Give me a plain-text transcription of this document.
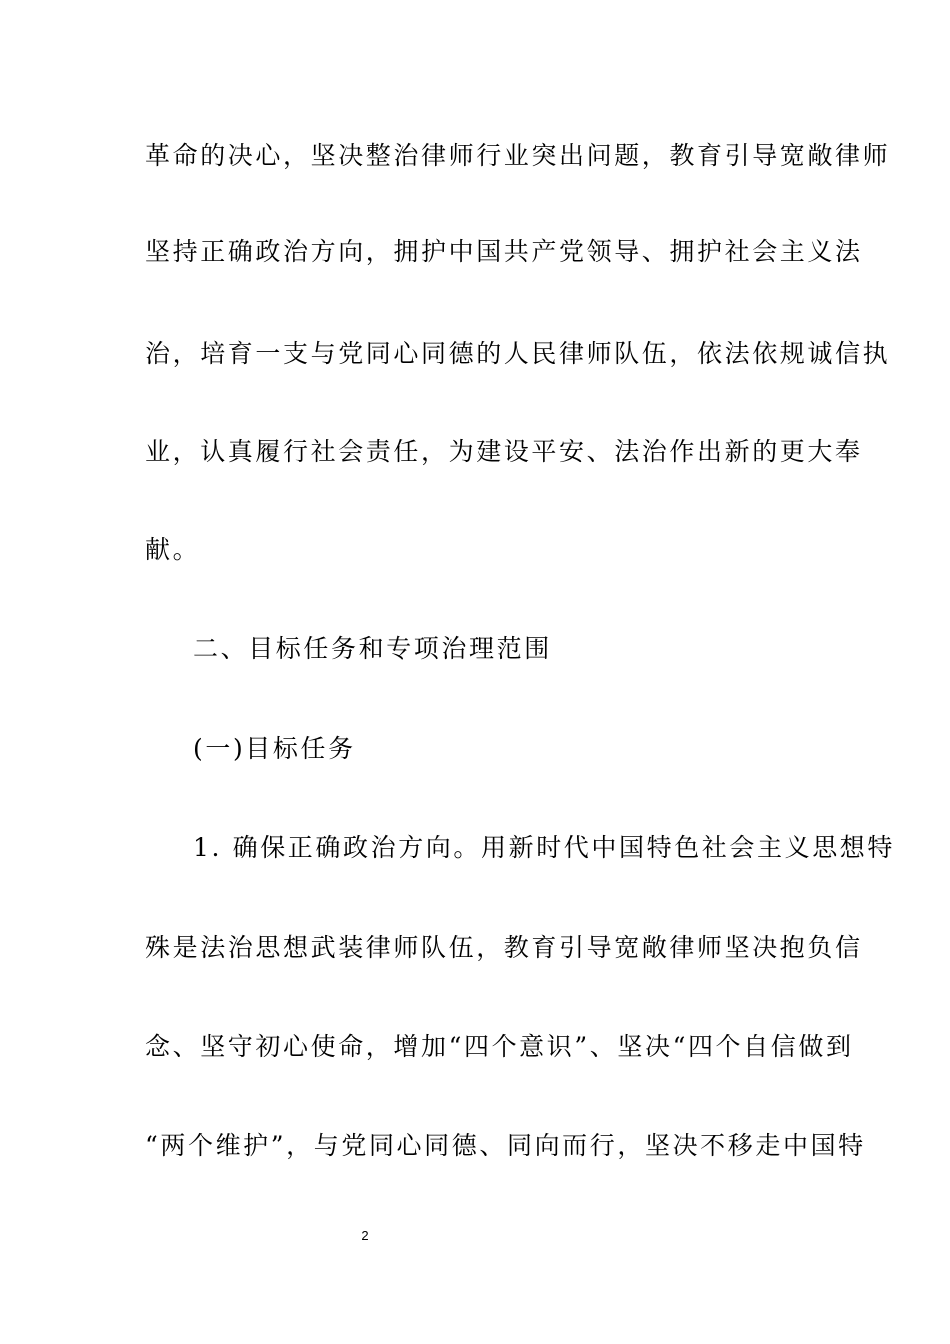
革命的决心，坚决整治律师行业突出问题，教育引导宽敞律师
坚持正确政治方向，拥护中国共产党领导、拥护社会主义法
治，培育一支与党同心同德的人民律师队伍，依法依规诚信执
业，认真履行社会责任，为建设平安、法治作出新的更大奉
献。
二、目标任务和专项治理范围
(一)目标任务
1. 确保正确政治方向。用新时代中国特色社会主义思想特
殊是法治思想武装律师队伍，教育引导宽敞律师坚决抱负信
念、坚守初心使命，增加“四个意识”、坚决“四个自信做到
“两个维护”，与党同心同德、同向而行，坚决不移走中国特
2
